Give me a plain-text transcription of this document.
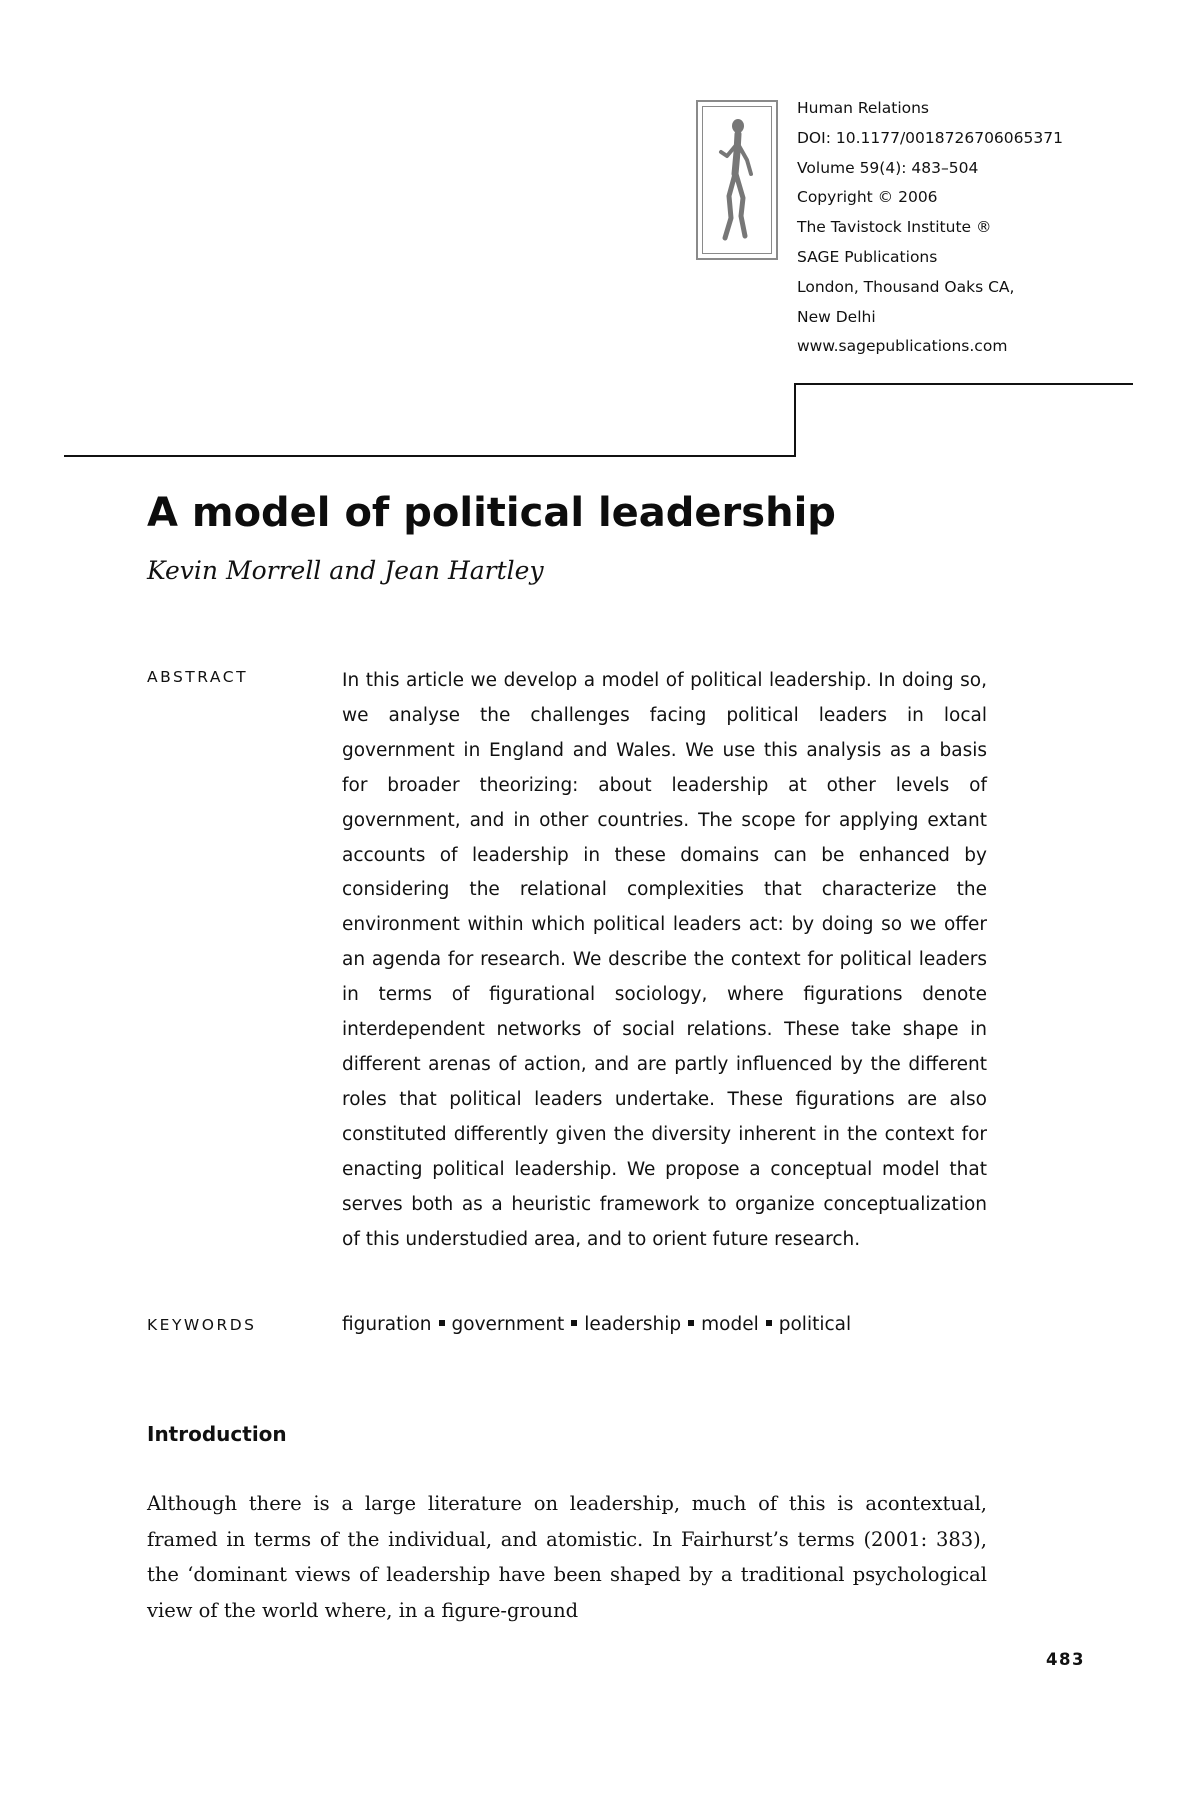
Human Relations
DOI: 10.1177/0018726706065371
Volume 59(4): 483–504
Copyright © 2006
The Tavistock Institute ®
SAGE Publications
London, Thousand Oaks CA,
New Delhi
www.sagepublications.com
A model of political leadership

Kevin Morrell and Jean Hartley

ABSTRACT	In this article we develop a model of political leadership. In doing so, we analyse the challenges facing political leaders in local government in England and Wales. We use this analysis as a basis for broader theorizing: about leadership at other levels of government, and in other countries. The scope for applying extant accounts of leadership in these domains can be enhanced by considering the relational complexities that characterize the environment within which political leaders act: by doing so we offer an agenda for research. We describe the context for political leaders in terms of figurational sociology, where figurations denote interdependent networks of social relations. These take shape in different arenas of action, and are partly influenced by the different roles that political leaders undertake. These figurations are also constituted differently given the diversity inherent in the context for enacting political leadership. We propose a conceptual model that serves both as a heuristic framework to organize conceptualization of this understudied area, and to orient future research.

KEYWORDS	figuration government leadership model political
Introduction

Although there is a large literature on leadership, much of this is acontextual, framed in terms of the individual, and atomistic. In Fairhurst’s terms (2001: 383), the ‘dominant views of leadership have been shaped by a traditional psychological view of the world where, in a figure-ground

483
